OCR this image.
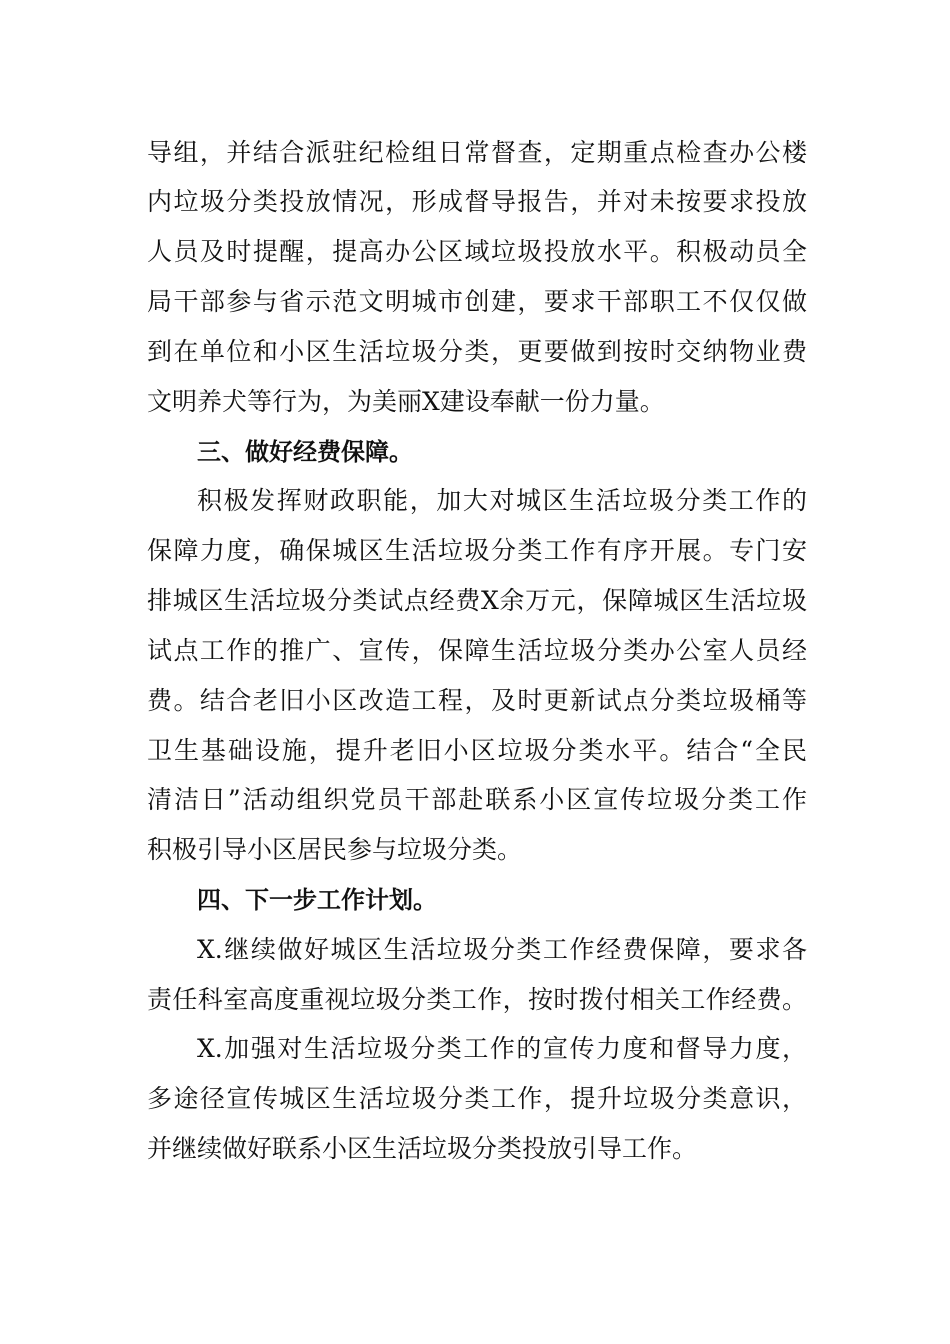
导组，并结合派驻纪检组日常督查，定期重点检查办公楼
内垃圾分类投放情况，形成督导报告，并对未按要求投放
人员及时提醒，提高办公区域垃圾投放水平。积极动员全
局干部参与省示范文明城市创建，要求干部职工不仅仅做
到在单位和小区生活垃圾分类，更要做到按时交纳物业费
文明养犬等行为，为美丽X建设奉献一份力量。
三、做好经费保障。
积极发挥财政职能，加大对城区生活垃圾分类工作的
保障力度，确保城区生活垃圾分类工作有序开展。专门安
排城区生活垃圾分类试点经费X余万元，保障城区生活垃圾
试点工作的推广、宣传，保障生活垃圾分类办公室人员经
费。结合老旧小区改造工程，及时更新试点分类垃圾桶等
卫生基础设施，提升老旧小区垃圾分类水平。结合“全民
清洁日”活动组织党员干部赴联系小区宣传垃圾分类工作
积极引导小区居民参与垃圾分类。
四、下一步工作计划。
X.继续做好城区生活垃圾分类工作经费保障，要求各
责任科室高度重视垃圾分类工作，按时拨付相关工作经费。
X.加强对生活垃圾分类工作的宣传力度和督导力度，
多途径宣传城区生活垃圾分类工作，提升垃圾分类意识，
并继续做好联系小区生活垃圾分类投放引导工作。
